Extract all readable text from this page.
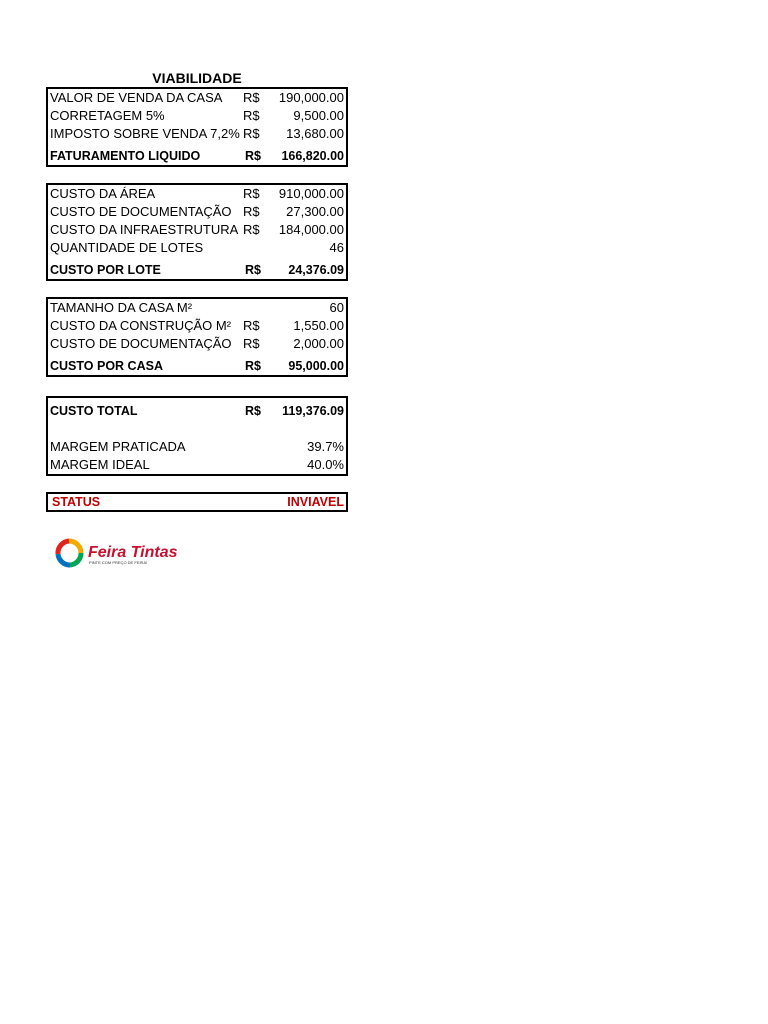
VIABILIDADE
VALOR DE VENDA DA CASA R$ 190,000.00
CORRETAGEM 5%	R$	9,500.00
IMPOSTO SOBRE VENDA 7,2% R$ 13,680.00
FATURAMENTO LIQUIDO	R$ 166,820.00
CUSTO DA ÁREA	R$ 910,000.00
CUSTO DE DOCUMENTAÇÃO R$ 27,300.00
CUSTO DA INFRAESTRUTURA R$ 184,000.00
QUANTIDADE DE LOTES	46
CUSTO POR LOTE	R$ 24,376.09
TAMANHO DA CASA M²	60
CUSTO DA CONSTRUÇÃO M² R$	1,550.00
CUSTO DE DOCUMENTAÇÃO R$	2,000.00
CUSTO POR CASA	R$ 95,000.00
CUSTO TOTAL	R$ 119,376.09
MARGEM PRATICADA	39.7%
MARGEM IDEAL	40.0%
STATUS	INVIAVEL
Feira Tintas
PINTE COM PREÇO DE FEIRA!
